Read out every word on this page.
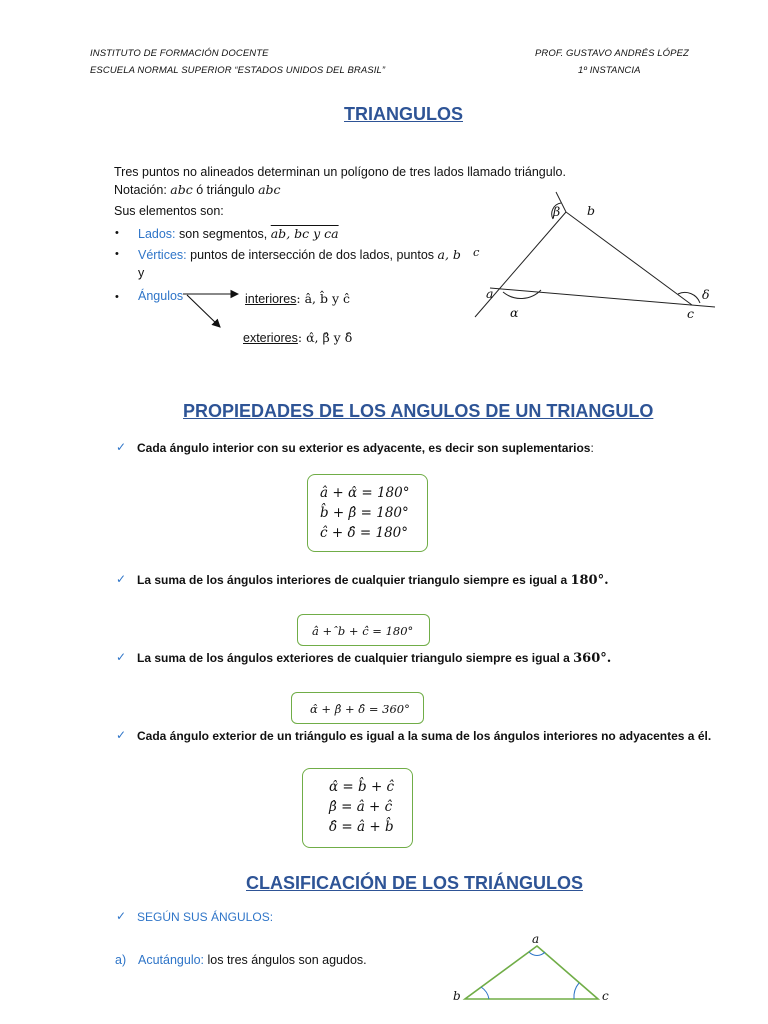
INSTITUTO DE FORMACIÓN DOCENTE
ESCUELA NORMAL SUPERIOR “ESTADOS UNIDOS DEL BRASIL”
PROF. GUSTAVO ANDRÉS LÓPEZ
1º INSTANCIA
TRIANGULOS
Tres puntos no alineados determinan un polígono de tres lados llamado triángulo.
Notación: abc ó triángulo abc
Sus elementos son:
• Lados: son segmentos, ab, bc y ca
• Vértices: puntos de intersección de dos lados, puntos a, b c
y
• Ángulos	interiores: â, b̂ y ĉ
exteriores: α̂, β̂ y δ̂
β b
a
α	c
δ
PROPIEDADES DE LOS ANGULOS DE UN TRIANGULO
✓ Cada ángulo interior con su exterior es adyacente, es decir son suplementarios:
â + α̂ = 180°
b̂ + β̂ = 180°
ĉ + δ̂ = 180°
✓ La suma de los ángulos interiores de cualquier triangulo siempre es igual a 180°.
â +ˆb + ĉ = 180°
✓ La suma de los ángulos exteriores de cualquier triangulo siempre es igual a 360°.
α̂ + β̂ + δ̂ = 360°
✓ Cada ángulo exterior de un triángulo es igual a la suma de los ángulos interiores no adyacentes a él.
α̂ = b̂ + ĉ
β̂ = â + ĉ
δ̂ = â + b̂
CLASIFICACIÓN DE LOS TRIÁNGULOS
✓ SEGÚN SUS ÁNGULOS:
a) Acutángulo: los tres ángulos son agudos.
a
b	c
